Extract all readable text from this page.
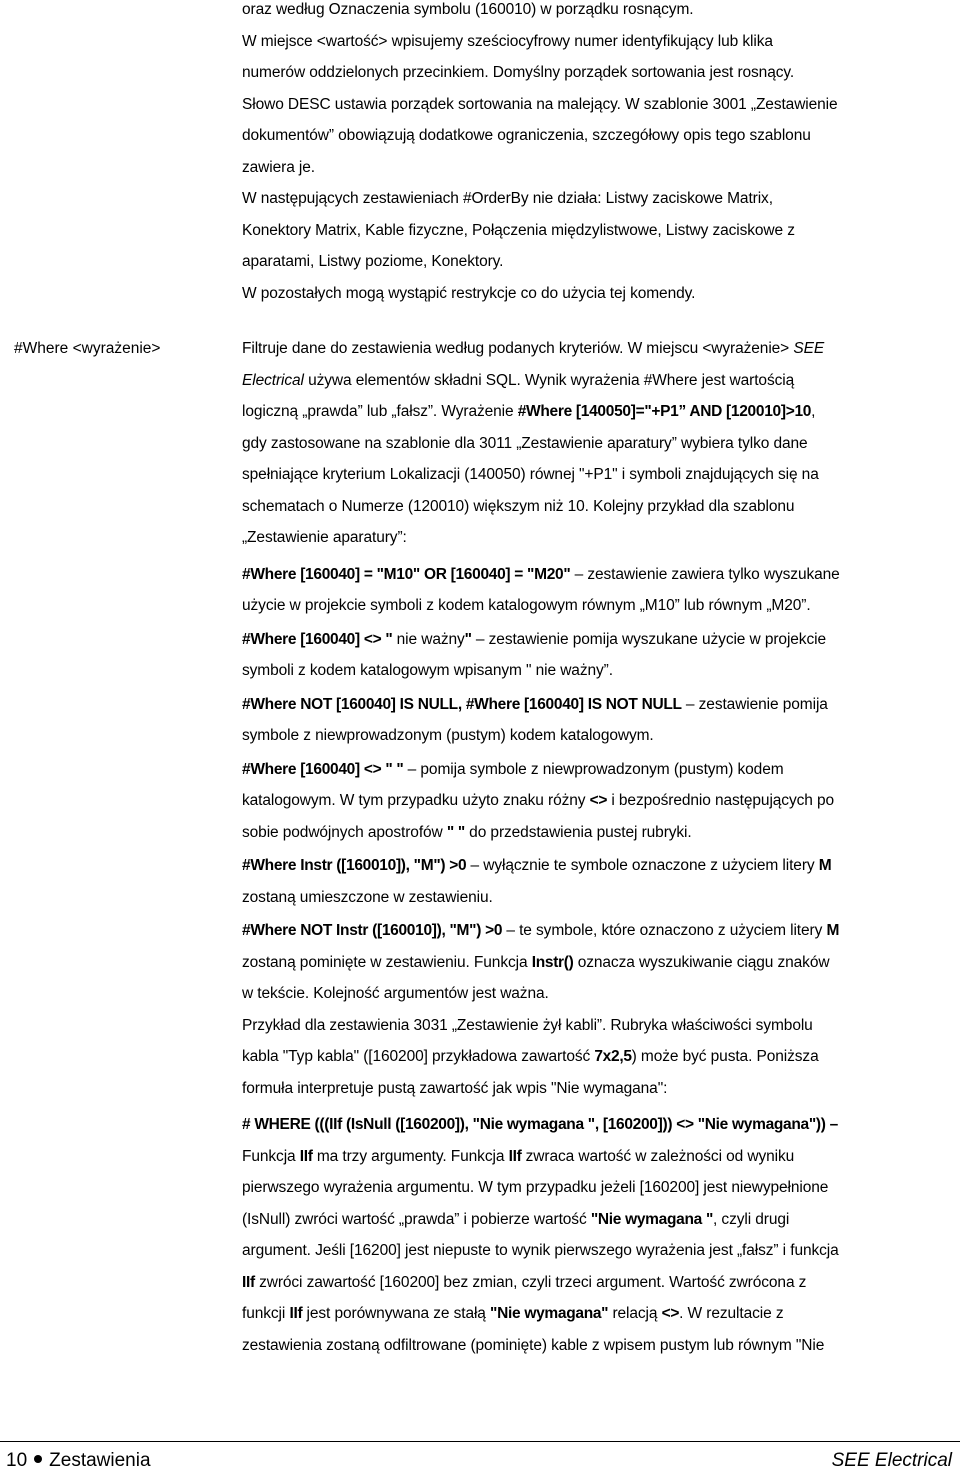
oraz według Oznaczenia symbolu (160010) w porządku rosnącym.
W miejsce <wartość> wpisujemy sześciocyfrowy numer identyfikujący lub klika
numerów oddzielonych przecinkiem. Domyślny porządek sortowania jest rosnący.
Słowo DESC ustawia porządek sortowania na malejący. W szablonie 3001 „Zestawienie
dokumentów” obowiązują dodatkowe ograniczenia, szczegółowy opis tego szablonu
zawiera je.

W następujących zestawieniach #OrderBy nie działa: Listwy zaciskowe Matrix,
Konektory Matrix, Kable fizyczne, Połączenia międzylistwowe, Listwy zaciskowe z
aparatami, Listwy poziome, Konektory.

W pozostałych mogą wystąpić restrykcje co do użycia tej komendy.

#Where <wyrażenie>	Filtruje dane do zestawienia według podanych kryteriów. W miejscu <wyrażenie> SEE
Electrical używa elementów składni SQL. Wynik wyrażenia #Where jest wartością
logiczną „prawda” lub „fałsz”. Wyrażenie #Where [140050]="+P1” AND [120010]>10,
gdy zastosowane na szablonie dla 3011 „Zestawienie aparatury” wybiera tylko dane
spełniające kryterium Lokalizacji (140050) równej "+P1" i symboli znajdujących się na
schematach o Numerze (120010) większym niż 10. Kolejny przykład dla szablonu
„Zestawienie aparatury”:

#Where [160040] = "M10" OR [160040] = "M20" – zestawienie zawiera tylko wyszukane
użycie w projekcie symboli z kodem katalogowym równym „M10” lub równym „M20”.

#Where [160040] <> " nie ważny" – zestawienie pomija wyszukane użycie w projekcie
symboli z kodem katalogowym wpisanym " nie ważny”.

#Where NOT [160040] IS NULL, #Where [160040] IS NOT NULL – zestawienie pomija
symbole z niewprowadzonym (pustym) kodem katalogowym.

#Where [160040] <> " " – pomija symbole z niewprowadzonym (pustym) kodem
katalogowym. W tym przypadku użyto znaku różny <> i bezpośrednio następujących po
sobie podwójnych apostrofów " " do przedstawienia pustej rubryki.

#Where Instr ([160010]), "M") >0 – wyłącznie te symbole oznaczone z użyciem litery M
zostaną umieszczone w zestawieniu.

#Where NOT Instr ([160010]), "M") >0 – te symbole, które oznaczono z użyciem litery M
zostaną pominięte w zestawieniu. Funkcja Instr() oznacza wyszukiwanie ciągu znaków
w tekście. Kolejność argumentów jest ważna.

Przykład dla zestawienia 3031 „Zestawienie żył kabli”. Rubryka właściwości symbolu
kabla "Typ kabla" ([160200] przykładowa zawartość 7x2,5) może być pusta. Poniższa
formuła interpretuje pustą zawartość jak wpis "Nie wymagana":

# WHERE (((IIf (IsNull ([160200]), "Nie wymagana ", [160200])) <> "Nie wymagana")) –
Funkcja IIf ma trzy argumenty. Funkcja IIf zwraca wartość w zależności od wyniku
pierwszego wyrażenia argumentu. W tym przypadku jeżeli [160200] jest niewypełnione
(IsNull) zwróci wartość „prawda” i pobierze wartość "Nie wymagana ", czyli drugi
argument. Jeśli [16200] jest niepuste to wynik pierwszego wyrażenia jest „fałsz” i funkcja
IIf zwróci zawartość [160200] bez zmian, czyli trzeci argument. Wartość zwrócona z
funkcji IIf jest porównywana ze stałą "Nie wymagana" relacją <>. W rezultacie z
zestawienia zostaną odfiltrowane (pominięte) kable z wpisem pustym lub równym "Nie

10 Zestawienia	SEE Electrical
